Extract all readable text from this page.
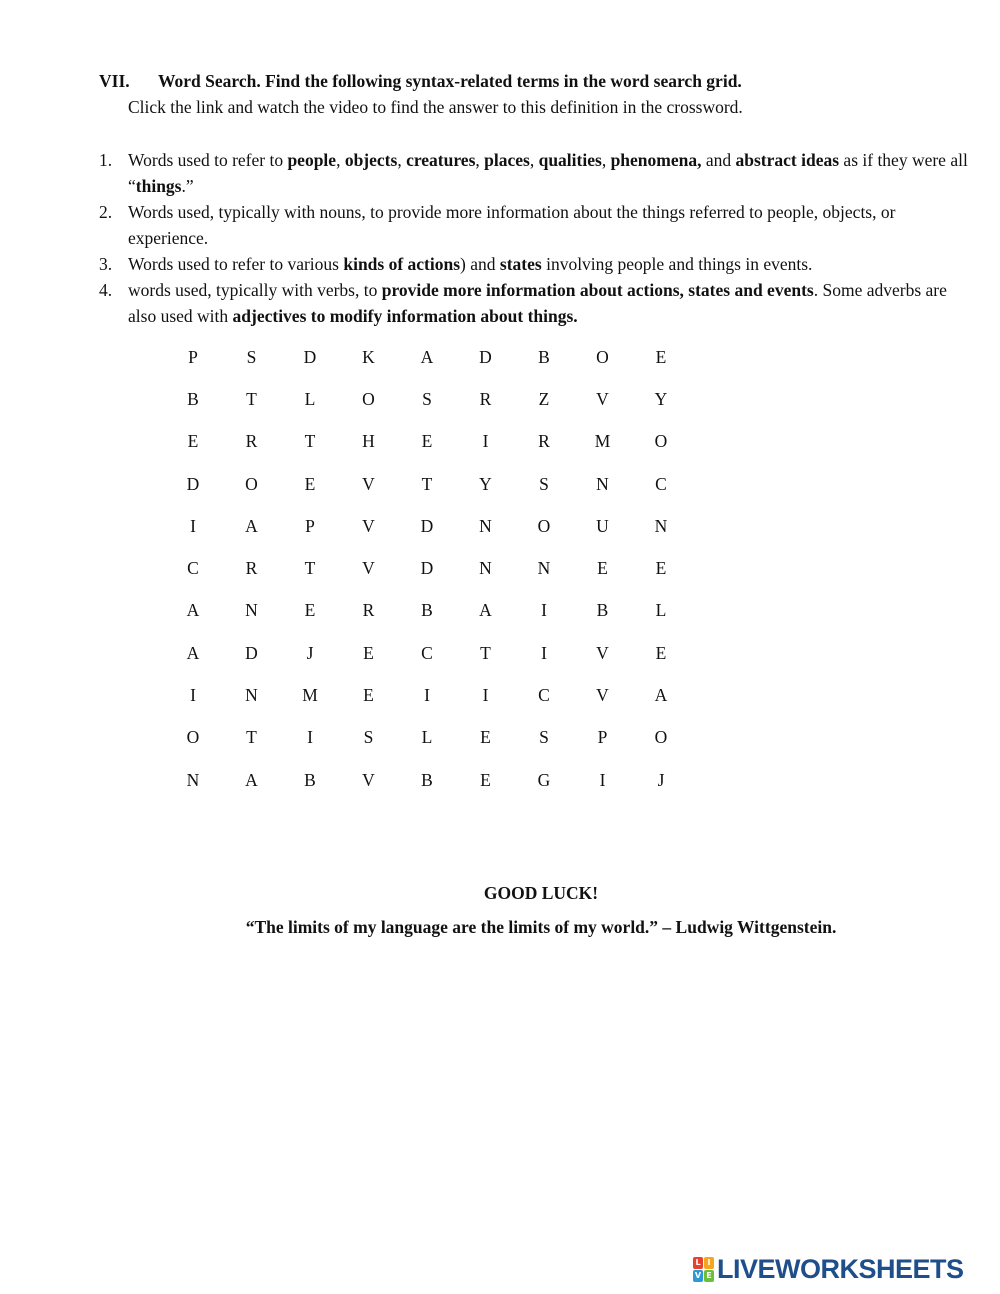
VII. Word Search. Find the following syntax-related terms in the word search grid.
Click the link and watch the video to find the answer to this definition in the crossword.
1. Words used to refer to people, objects, creatures, places, qualities, phenomena, and abstract ideas as if they were all “things.”
2. Words used, typically with nouns, to provide more information about the things referred to people, objects, or experience.
3. Words used to refer to various kinds of actions) and states involving people and things in events.
4. words used, typically with verbs, to provide more information about actions, states and events. Some adverbs are also used with adjectives to modify information about things.
P	S	D	K	A	D	B	O	E
B	T	L	O	S	R	Z	V	Y
E	R	T	H	E	I	R	M	O
D	O	E	V	T	Y	S	N	C
I	A	P	V	D	N	O	U	N
C	R	T	V	D	N	N	E	E
A	N	E	R	B	A	I	B	L
A	D	J	E	C	T	I	V	E
I	N	M	E	I	I	C	V	A
O	T	I	S	L	E	S	P	O
N	A	B	V	B	E	G	I	J
GOOD LUCK!
“The limits of my language are the limits of my world.” – Ludwig Wittgenstein.
L I
V E LIVEWORKSHEETS
